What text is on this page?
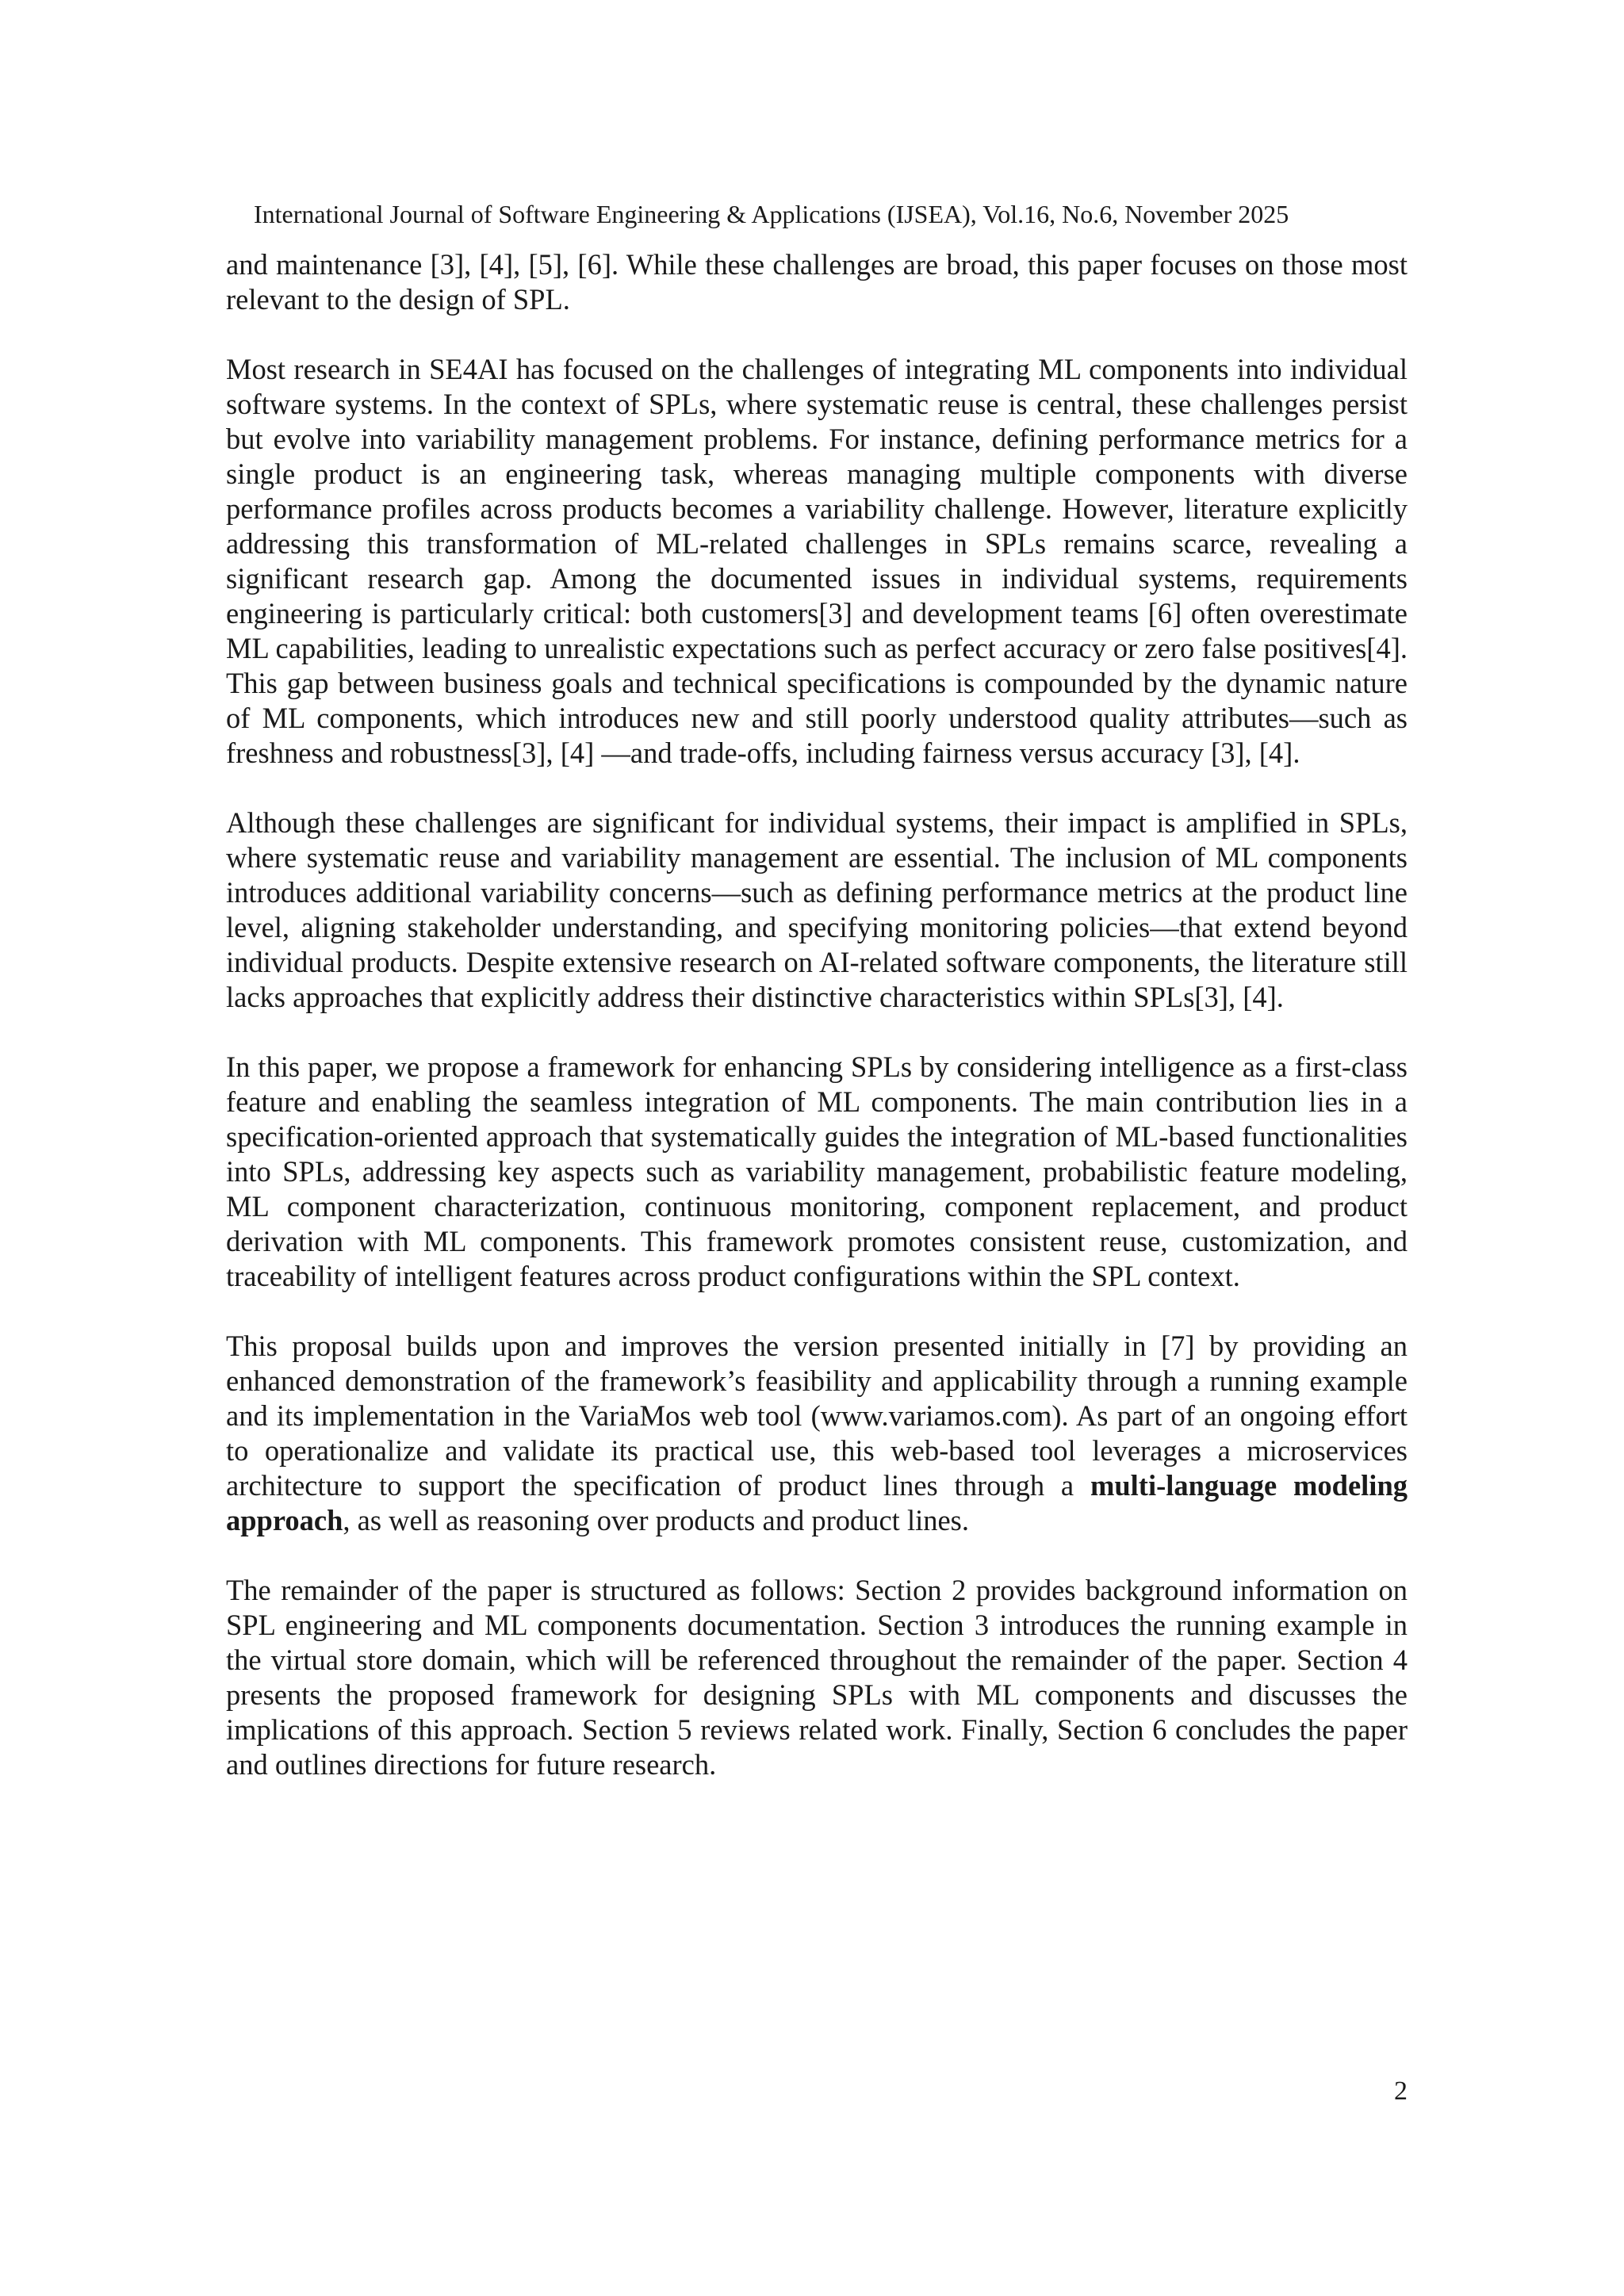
International Journal of Software Engineering & Applications (IJSEA), Vol.16, No.6, November 2025

and maintenance [3], [4], [5], [6]. While these challenges are broad, this paper focuses on those most relevant to the design of SPL.

Most research in SE4AI has focused on the challenges of integrating ML components into individual software systems. In the context of SPLs, where systematic reuse is central, these challenges persist but evolve into variability management problems. For instance, defining performance metrics for a single product is an engineering task, whereas managing multiple components with diverse performance profiles across products becomes a variability challenge. However, literature explicitly addressing this transformation of ML-related challenges in SPLs remains scarce, revealing a significant research gap. Among the documented issues in individual systems, requirements engineering is particularly critical: both customers[3] and development teams [6] often overestimate ML capabilities, leading to unrealistic expectations such as perfect accuracy or zero false positives[4]. This gap between business goals and technical specifications is compounded by the dynamic nature of ML components, which introduces new and still poorly understood quality attributes—such as freshness and robustness[3], [4] —and trade-offs, including fairness versus accuracy [3], [4].

Although these challenges are significant for individual systems, their impact is amplified in SPLs, where systematic reuse and variability management are essential. The inclusion of ML components introduces additional variability concerns—such as defining performance metrics at the product line level, aligning stakeholder understanding, and specifying monitoring policies—that extend beyond individual products. Despite extensive research on AI-related software components, the literature still lacks approaches that explicitly address their distinctive characteristics within SPLs[3], [4].

In this paper, we propose a framework for enhancing SPLs by considering intelligence as a first-class feature and enabling the seamless integration of ML components. The main contribution lies in a specification-oriented approach that systematically guides the integration of ML-based functionalities into SPLs, addressing key aspects such as variability management, probabilistic feature modeling, ML component characterization, continuous monitoring, component replacement, and product derivation with ML components. This framework promotes consistent reuse, customization, and traceability of intelligent features across product configurations within the SPL context.

This proposal builds upon and improves the version presented initially in [7] by providing an enhanced demonstration of the framework’s feasibility and applicability through a running example and its implementation in the VariaMos web tool (www.variamos.com). As part of an ongoing effort to operationalize and validate its practical use, this web-based tool leverages a microservices architecture to support the specification of product lines through a multi-language modeling approach, as well as reasoning over products and product lines.

The remainder of the paper is structured as follows: Section 2 provides background information on SPL engineering and ML components documentation. Section 3 introduces the running example in the virtual store domain, which will be referenced throughout the remainder of the paper. Section 4 presents the proposed framework for designing SPLs with ML components and discusses the implications of this approach. Section 5 reviews related work. Finally, Section 6 concludes the paper and outlines directions for future research.

2
